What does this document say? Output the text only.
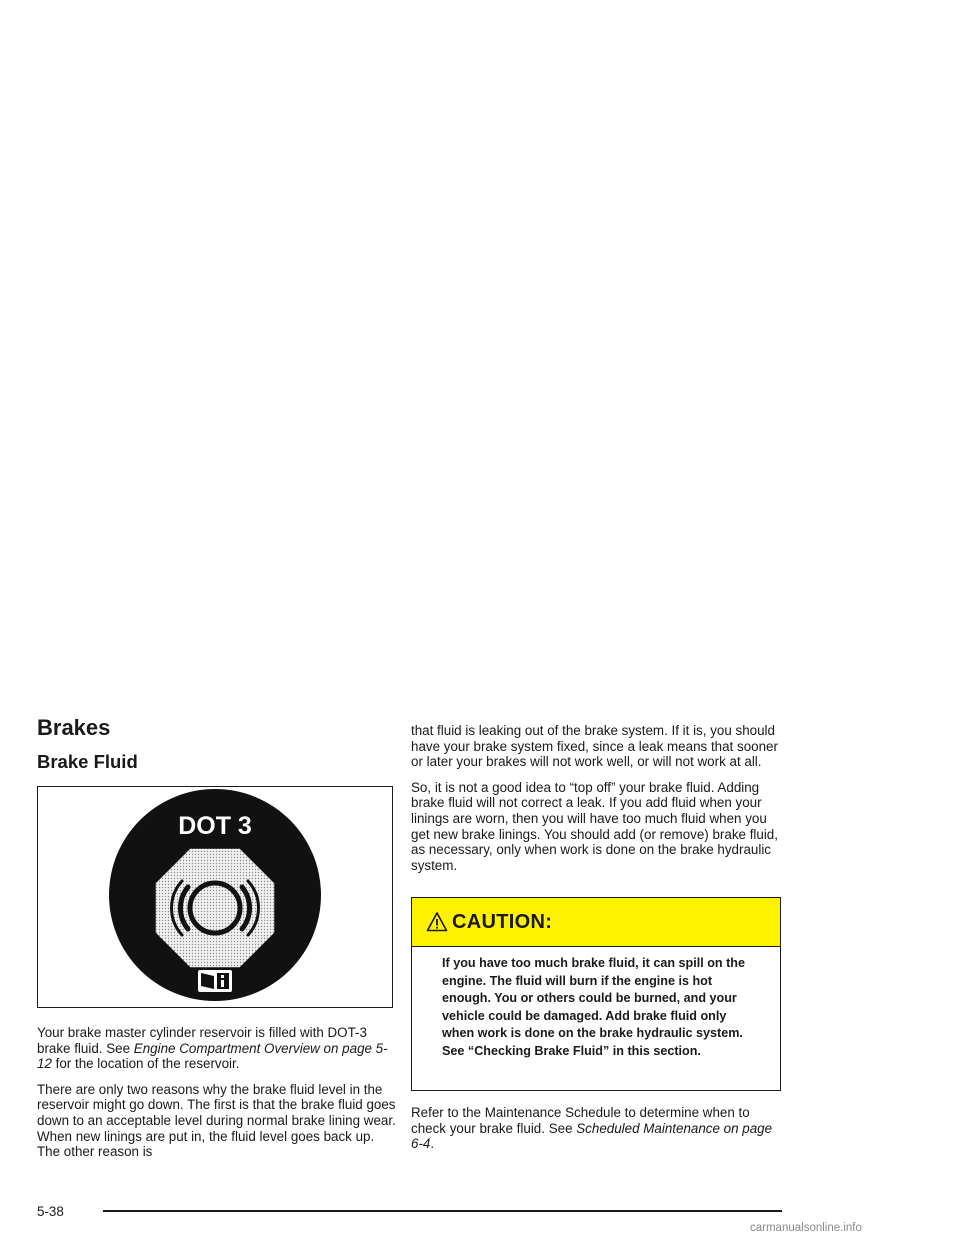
Brakes
Brake Fluid
DOT 3

Your brake master cylinder reservoir is filled with DOT-3 brake fluid. See Engine Compartment Overview on page 5-12 for the location of the reservoir.

There are only two reasons why the brake fluid level in the reservoir might go down. The first is that the brake fluid goes down to an acceptable level during normal brake lining wear. When new linings are put in, the fluid level goes back up. The other reason is

that fluid is leaking out of the brake system. If it is, you should have your brake system fixed, since a leak means that sooner or later your brakes will not work well, or will not work at all.

So, it is not a good idea to “top off” your brake fluid. Adding brake fluid will not correct a leak. If you add fluid when your linings are worn, then you will have too much fluid when you get new brake linings. You should add (or remove) brake fluid, as necessary, only when work is done on the brake hydraulic system.

CAUTION:
If you have too much brake fluid, it can spill on the engine. The fluid will burn if the engine is hot enough. You or others could be burned, and your vehicle could be damaged. Add brake fluid only when work is done on the brake hydraulic system. See “Checking Brake Fluid” in this section.

Refer to the Maintenance Schedule to determine when to check your brake fluid. See Scheduled Maintenance on page 6-4.

5-38
carmanualsonline.info
